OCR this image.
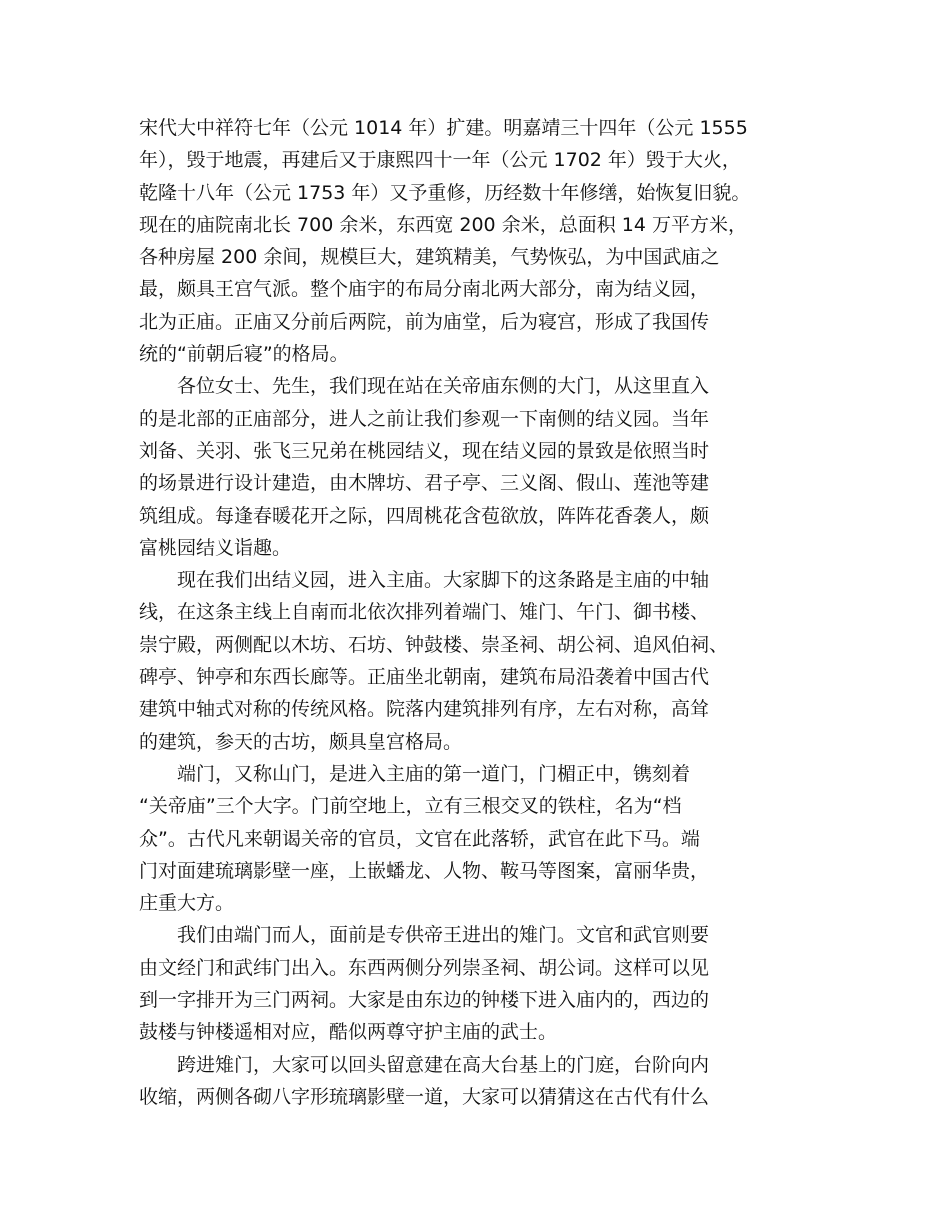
宋代大中祥符七年（公元 1014 年）扩建。明嘉靖三十四年（公元 1555
年），毁于地震，再建后又于康熙四十一年（公元 1702 年）毁于大火，
乾隆十八年（公元 1753 年）又予重修，历经数十年修缮，始恢复旧貌。
现在的庙院南北长 700 余米，东西宽 200 余米，总面积 14 万平方米，
各种房屋 200 余间，规模巨大，建筑精美，气势恢弘，为中国武庙之
最，颇具王宫气派。整个庙宇的布局分南北两大部分，南为结义园，
北为正庙。正庙又分前后两院，前为庙堂，后为寝宫，形成了我国传
统的“前朝后寝”的格局。
　　各位女士、先生，我们现在站在关帝庙东侧的大门，从这里直入
的是北部的正庙部分，进人之前让我们参观一下南侧的结义园。当年
刘备、关羽、张飞三兄弟在桃园结义，现在结义园的景致是依照当时
的场景进行设计建造，由木牌坊、君子亭、三义阁、假山、莲池等建
筑组成。每逢春暖花开之际，四周桃花含苞欲放，阵阵花香袭人，颇
富桃园结义诣趣。
　　现在我们出结义园，进入主庙。大家脚下的这条路是主庙的中轴
线，在这条主线上自南而北依次排列着端门、雉门、午门、御书楼、
崇宁殿，两侧配以木坊、石坊、钟鼓楼、崇圣祠、胡公祠、追风伯祠、
碑亭、钟亭和东西长廊等。正庙坐北朝南，建筑布局沿袭着中国古代
建筑中轴式对称的传统风格。院落内建筑排列有序，左右对称，高耸
的建筑，参天的古坊，颇具皇宫格局。
　　端门，又称山门，是进入主庙的第一道门，门楣正中，镌刻着
“关帝庙”三个大字。门前空地上，立有三根交叉的铁柱，名为“档
众”。古代凡来朝谒关帝的官员，文官在此落轿，武官在此下马。端
门对面建琉璃影壁一座，上嵌蟠龙、人物、鞍马等图案，富丽华贵，
庄重大方。
　　我们由端门而人，面前是专供帝王进出的雉门。文官和武官则要
由文经门和武纬门出入。东西两侧分列崇圣祠、胡公词。这样可以见
到一字排开为三门两祠。大家是由东边的钟楼下进入庙内的，西边的
鼓楼与钟楼遥相对应，酷似两尊守护主庙的武士。
　　跨进雉门，大家可以回头留意建在高大台基上的门庭，台阶向内
收缩，两侧各砌八字形琉璃影壁一道，大家可以猜猜这在古代有什么
